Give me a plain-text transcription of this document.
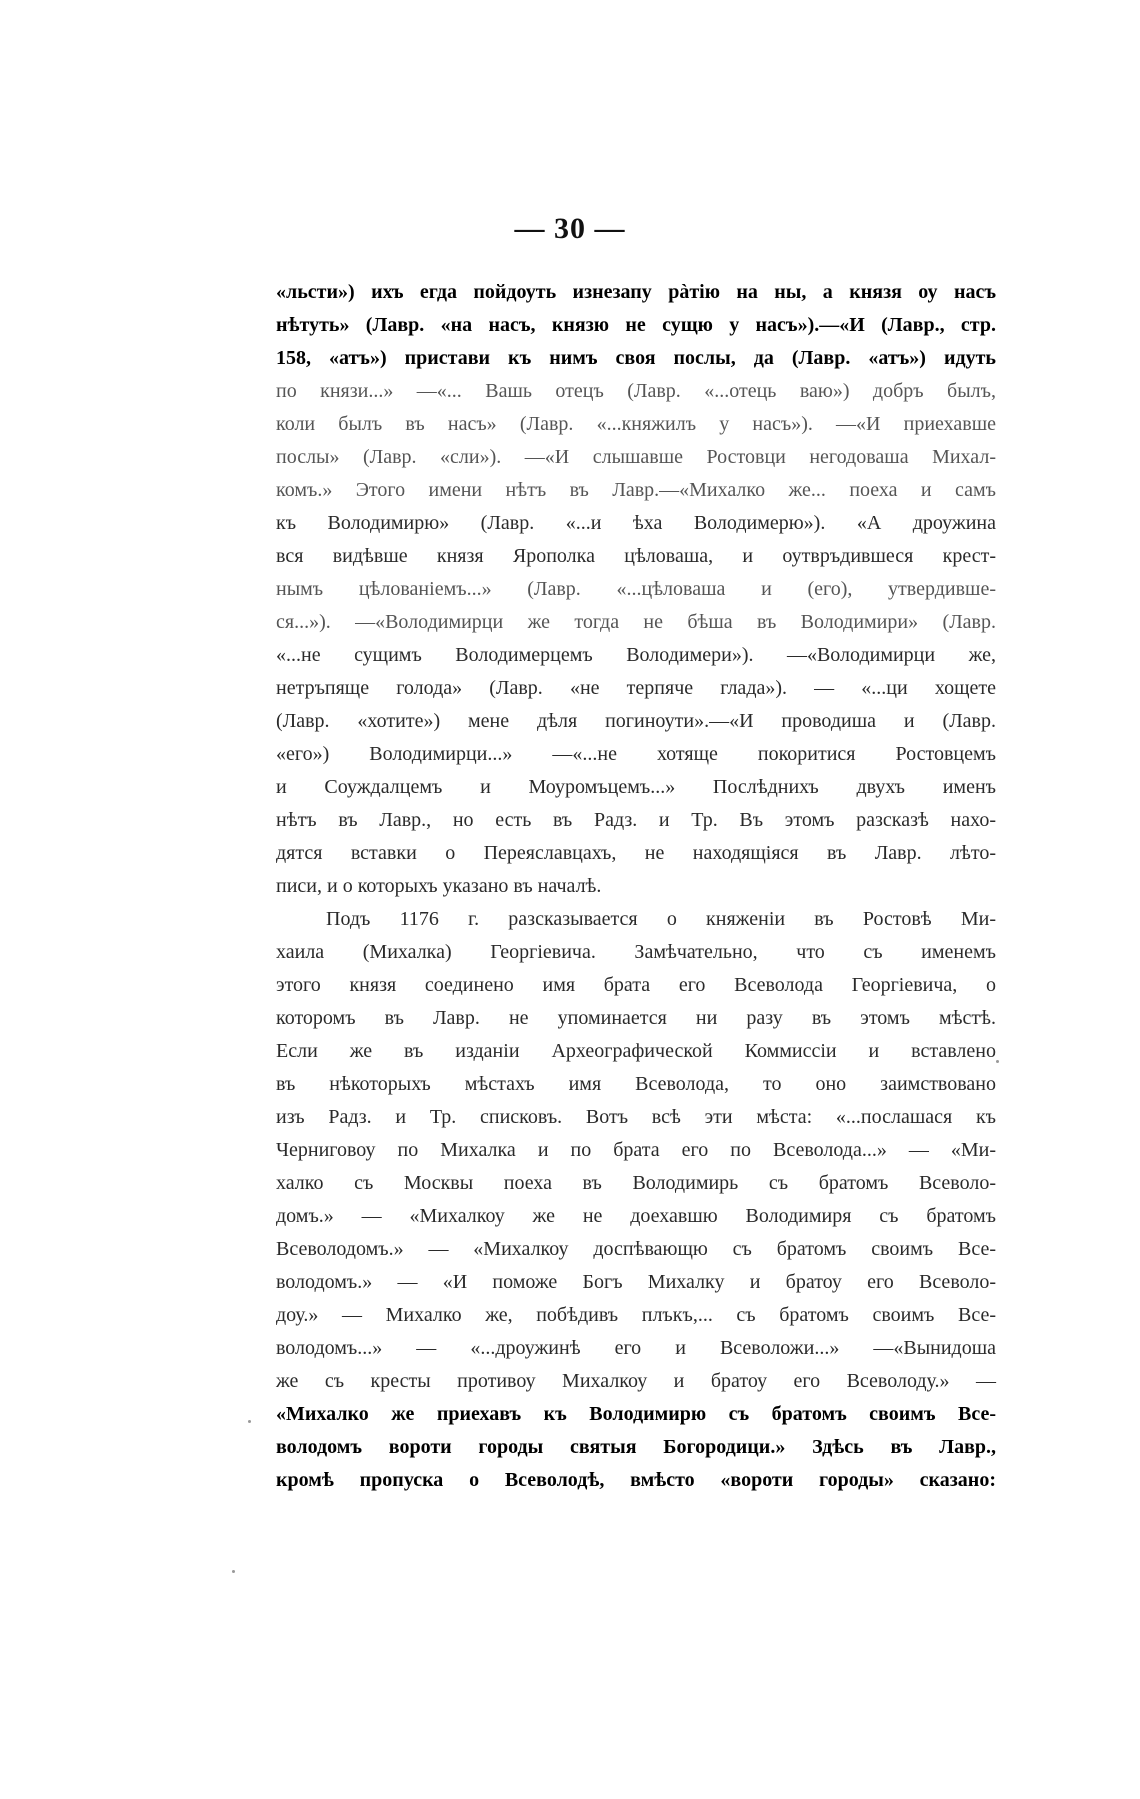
— 30 —
«льсти») ихъ егда пойдоуть изнезапу рàтію на ны, а князя оу насъ
нѣтуть» (Лавр. «на насъ, князю не сущю у насъ»).—«И (Лавр., стр.
158, «атъ») пристави къ нимъ своя послы, да (Лавр. «атъ») идуть
по князи...» —«... Вашь отецъ (Лавр. «...отець ваю») добръ былъ,
коли былъ въ насъ» (Лавр. «...княжилъ у насъ»). —«И приехавше
послы» (Лавр. «сли»). —«И слышавше Ростовци негодоваша Михал-
комъ.» Этого имени нѣтъ въ Лавр.—«Михалко же... поеха и самъ
къ Володимирю» (Лавр. «...и ѣха Володимерю»). «А дроужина
вся видѣвше князя Ярополка цѣловаша, и оутвръдившеся крест-
нымъ цѣлованіемъ...» (Лавр. «...цѣловаша и (его), утвердивше-
ся...»). —«Володимирци же тогда не бѣша въ Володимири» (Лавр.
«...не сущимъ Володимерцемъ Володимери»). —«Володимирци же,
нетръпяще голода» (Лавр. «не терпяче глада»). — «...ци хощете
(Лавр. «хотите») мене дѣля погиноути».—«И проводиша и (Лавр.
«его») Володимирци...» —«...не хотяще покоритися Ростовцемъ
и Соуждалцемъ и Моуромъцемъ...» Послѣднихъ двухъ именъ
нѣтъ въ Лавр., но есть въ Радз. и Тр. Въ этомъ разсказѣ нахо-
дятся вставки о Переяславцахъ, не находящіяся въ Лавр. лѣто-
писи, и о которыхъ указано въ началѣ.
Подъ 1176 г. разсказывается о княженіи въ Ростовѣ Ми-
хаила (Михалка) Георгіевича. Замѣчательно, что съ именемъ
этого князя соединено имя брата его Всеволода Георгіевича, о
которомъ въ Лавр. не упоминается ни разу въ этомъ мѣстѣ.
Если же въ изданіи Археографической Коммиссіи и вставлено
въ нѣкоторыхъ мѣстахъ имя Всеволода, то оно заимствовано
изъ Радз. и Тр. списковъ. Вотъ всѣ эти мѣста: «...послашася къ
Черниговоу по Михалка и по брата его по Всеволода...» — «Ми-
халко съ Москвы поеха въ Володимирь съ братомъ Всеволо-
домъ.» — «Михалкоу же не доехавшю Володимиря съ братомъ
Всеволодомъ.» — «Михалкоу доспѣвающю съ братомъ своимъ Все-
володомъ.» — «И поможе Богъ Михалку и братоу его Всеволо-
доу.» — Михалко же, побѣдивъ плъкъ,... съ братомъ своимъ Все-
володомъ...» — «...дроужинѣ его и Всеволожи...» —«Вынидоша
же съ кресты противоу Михалкоу и братоу его Всеволоду.» —
«Михалко же приехавъ къ Володимирю съ братомъ своимъ Все-
володомъ вороти городы святыя Богородици.» Здѣсь въ Лавр.,
кромѣ пропуска о Всеволодѣ, вмѣсто «вороти городы» сказано:
